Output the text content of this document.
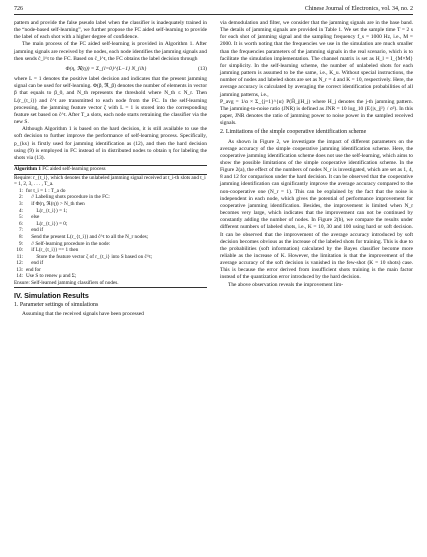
726	Chinese Journal of Electronics, vol. 34, no. 2

pattern and provide the false pseudo label when the classifier is inadequately trained in the “node-based self-learning”, we further propose the FC aided self-learning to provide the label of each shot with a higher degree of confidence.

The main process of the FC aided self-learning is provided in Algorithm 1. After jamming signals are received by the nodes, each node identifies the jamming signals and then sends ĉ_l^t to the FC. Based on ĉ_l^t, the FC obtains the label decision through

Φ(η, ℜ(η)) = Σ_{l=0}^{L−1} N_{ih}	(13)

where L = 1 denotes the positive label decision and indicates that the present jamming signal can be used for self-learning. Φ(β, ℜ_β) denotes the number of elements in vector β that equals to β_0, and N_th represents the threshold where N_th ≤ N_r. Then L(r_{t_i}) and ĉ^t are transmitted to each node from the FC. In the self-learning processing, the jamming feature vector ζ with L = 1 is stored into the corresponding feature set based on ĉ^t. After T_a slots, each node starts retraining the classifier via the new S.

Although Algorithm 1 is based on the hard decision, it is still available to use the soft decision to further improve the performance of self-learning process. Specifically, p_{ks} is firstly used for jamming identification as (12), and then the hard decision using (9) is employed in FC instead of in distributed nodes to obtain η for labeling the shots via (13).

Algorithm 1 FC aided self-learning process
Require: r_{t_i}, which denotes the unlabeled jamming signal received at t_i-th slots and t_i = 1, 2, 3, . . . , T_a.
1: for t_i = 1 : T_a do
2: // Labeling shots procedure in the FC:
3: if Φ(η, ℜ(η)) > N_th then
4: L(r_{t_i}) = 1;
5: else
6: L(r_{t_i}) = 0;
7: end if
8: Send the present L(r_{t_i}) and ĉ^t to all the N_r nodes;
9: // Self-learning procedure in the node:
10: if L(r_{t_i}) == 1 then
11: Store the feature vector ζ of r_{t_i} into S based on ĉ^t;
12: end if
13: end for
14: Use S to renew μ and Σ;
Ensure: Self-learned jamming classifiers of nodes.
IV. Simulation Results
1. Parameter settings of simulations

Assuming that the received signals have been processed

via demodulation and filter, we consider that the jamming signals are in the base band. The details of jamming signals are provided in Table 1. We set the sample time T = 2 s for each shot of jamming signal and the sampling frequency f_s = 1000 Hz, i.e., M = 2000. It is worth noting that the frequencies we use in the simulation are much smaller than the frequencies parameters of the jamming signals in the real scenario, which is to facilitate the simulation implementation. The channel matrix is set as H_l = I_{M×M} for simplicity. In the self-learning scheme, the number of unlabeled shots for each jamming pattern is assumed to be the same, i.e., K_u. Without special instructions, the number of nodes and labeled shots are set as N_r = 4 and K = 10, respectively. Here, the average accuracy is calculated by averaging the correct identification probabilities of all jamming patterns, i.e.,

P_avg = 1/α × Σ_{j=1}^{α} P(Ĥ_j|H_j) where H_j denotes the j-th jamming pattern. The jamming-to-noise ratio (JNR) is defined as JNR = 10 log_10 (E{|s_j|²} / σ²). In this paper, JNR denotes the ratio of jamming power to noise power in the sampled received signals.

2. Limitations of the simple cooperative identification scheme

As shown in Figure 2, we investigate the impact of different parameters on the average accuracy of the simple cooperative jamming identification scheme. Here, the cooperative jamming identification scheme does not use the self-learning, which aims to show the possible limitations of the simple cooperative identification scheme. In the Figure 2(a), the effect of the numbers of nodes N_r is investigated, which are set as 1, 4, 8 and 12 for comparison under the hard decision. It can be observed that the cooperative jamming identification can significantly improve the average accuracy compared to the non-cooperative one (N_r = 1). This can be explained by the fact that the noise is independent in each node, which gives the potential of performance improvement for cooperative jamming identification. Besides, the improvement is limited when N_r becomes very large, which indicates that the improvement can not be continued by constantly adding the number of nodes. In Figure 2(b), we compare the results under different numbers of labeled shots, i.e., K = 10, 30 and 100 using hard or soft decision. It can be observed that the improvement of the average accuracy introduced by soft decision becomes obvious as the increase of the labeled shots for training. This is due to the probabilities (soft information) calculated by the Bayes classifier become more reliable as the increase of K. However, the limitation is that the improvement of the average accuracy of the soft decision is vanished in the few-shot (K = 10 shots) case. This is because the error derived from insufficient shots training is the main factor instead of the quantization error introduced by the hard decision.

The above observation reveals the improvement lim-
